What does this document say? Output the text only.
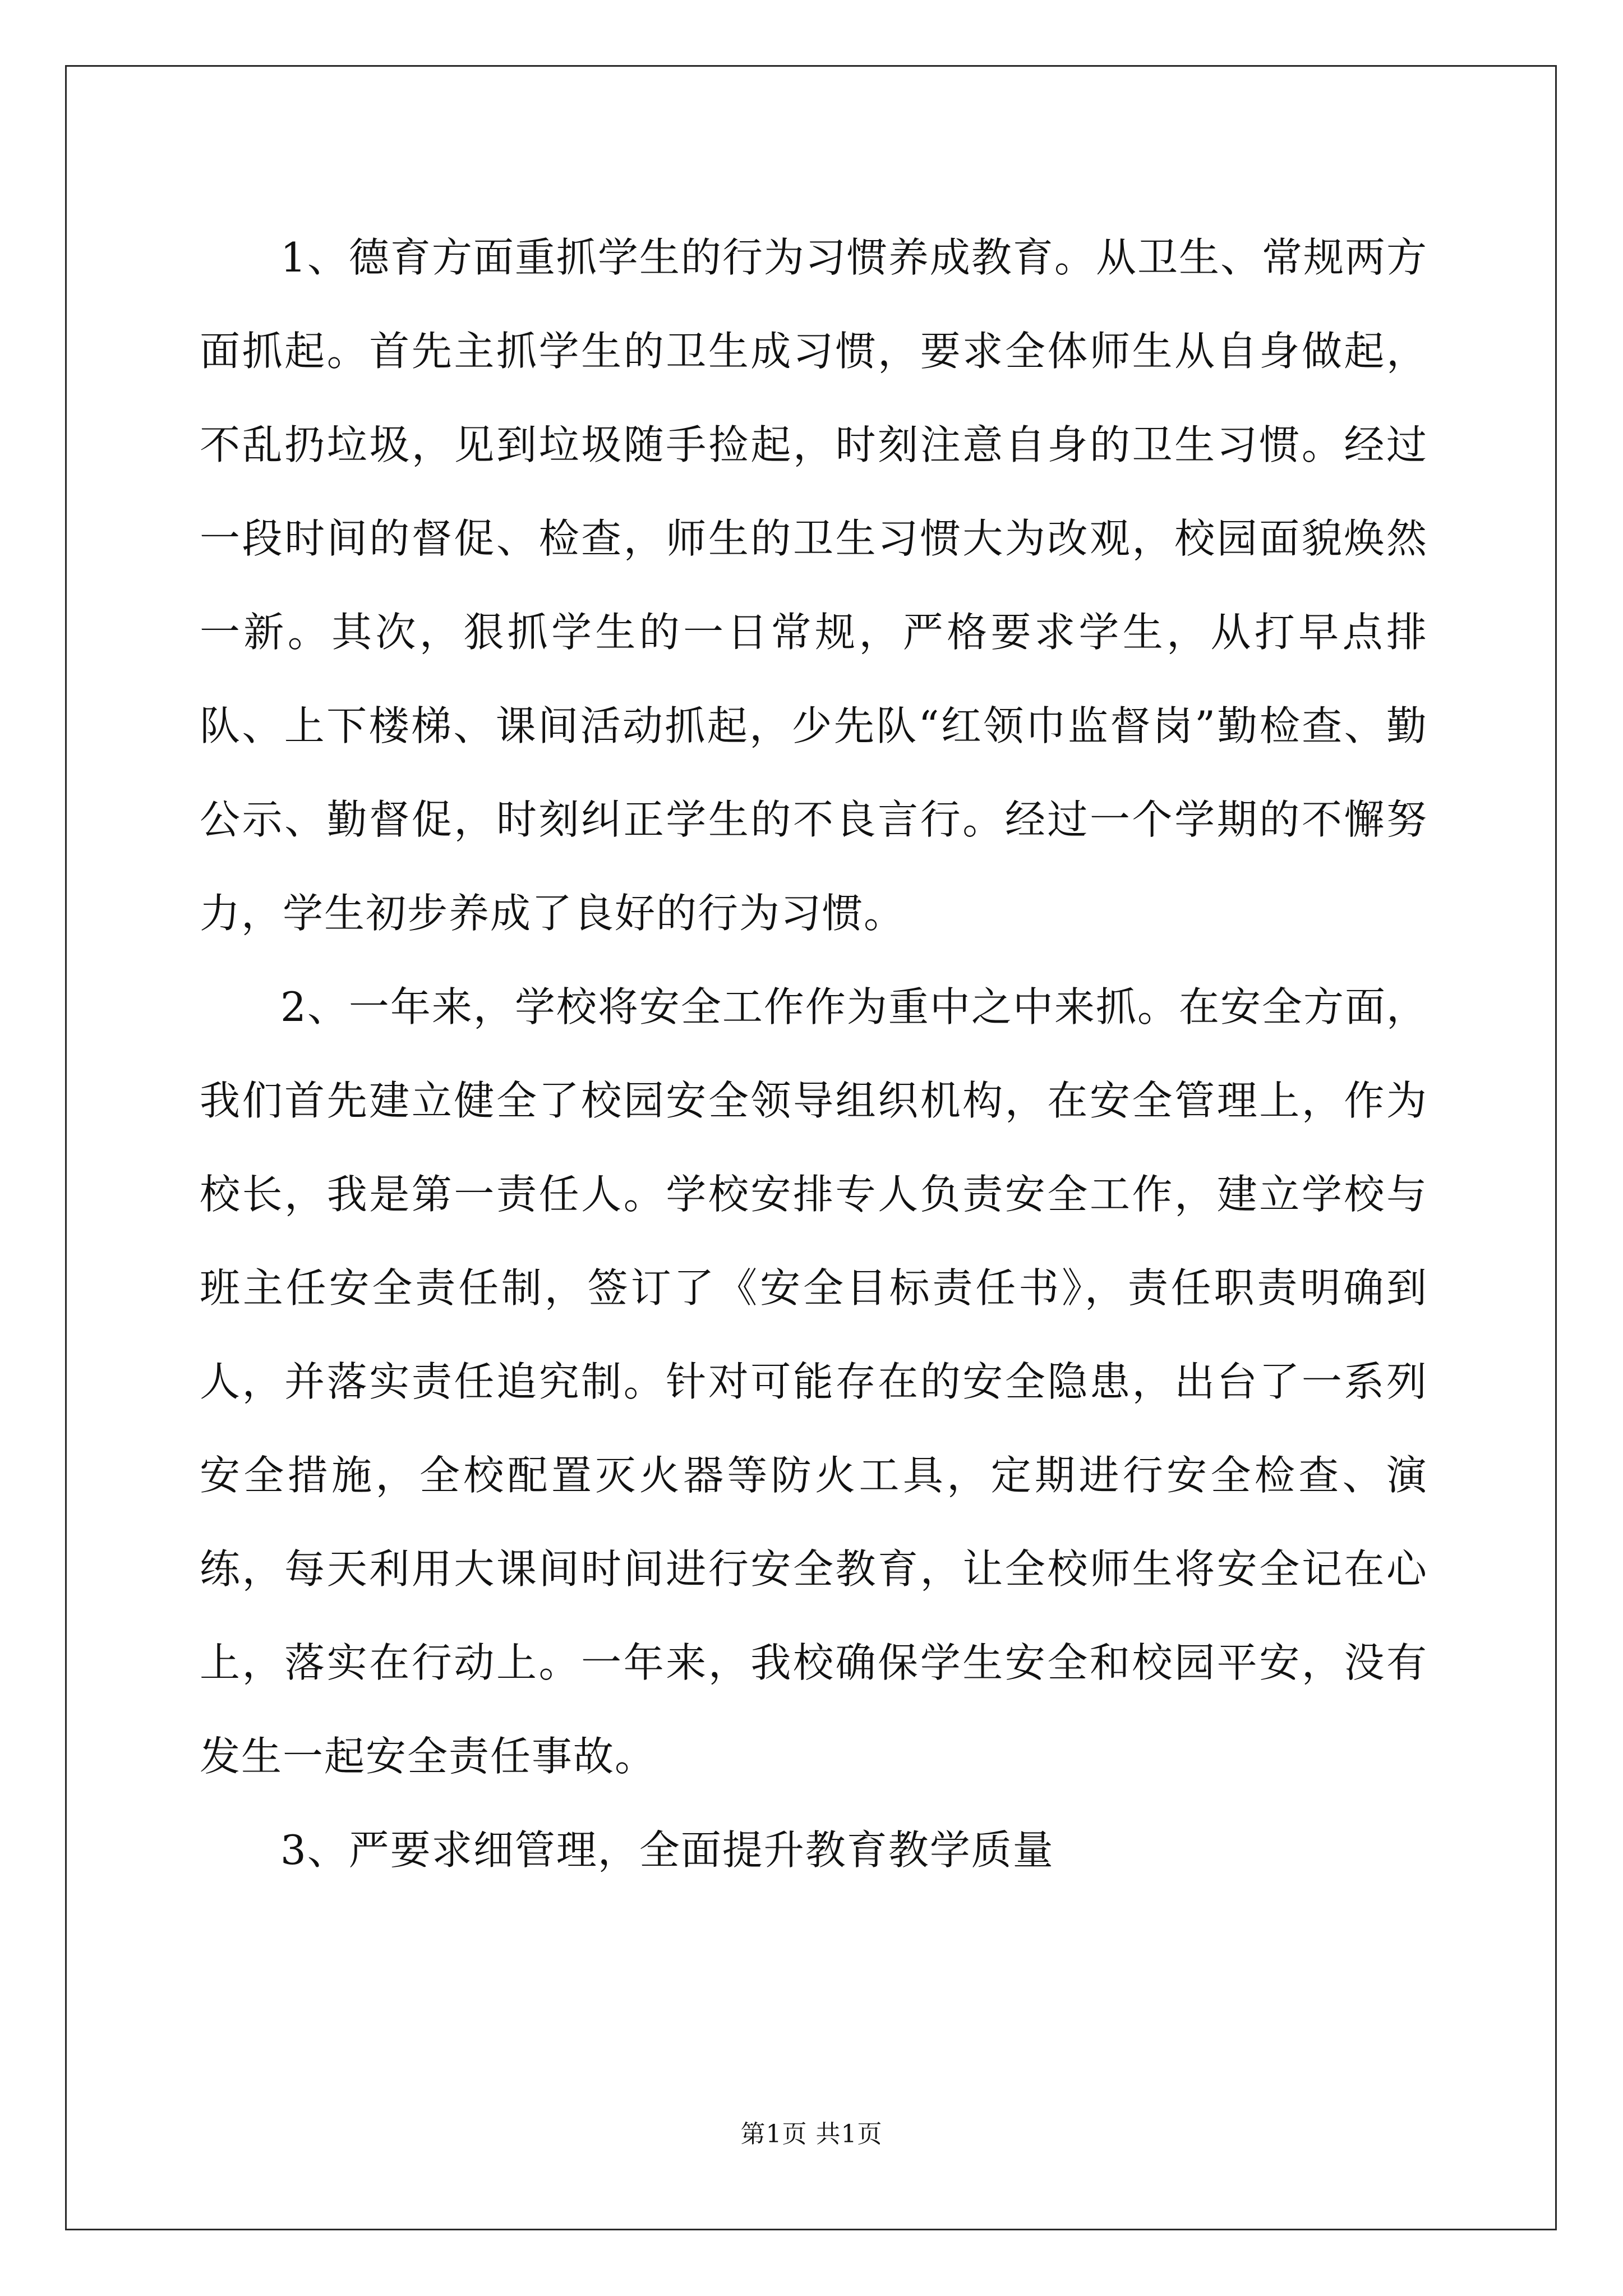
1、德育方面重抓学生的行为习惯养成教育。从卫生、常规两方面抓起。首先主抓学生的卫生成习惯，要求全体师生从自身做起，不乱扔垃圾，见到垃圾随手捡起，时刻注意自身的卫生习惯。经过一段时间的督促、检查，师生的卫生习惯大为改观，校园面貌焕然一新。其次，狠抓学生的一日常规，严格要求学生，从打早点排队、上下楼梯、课间活动抓起，少先队“红领巾监督岗”勤检查、勤公示、勤督促，时刻纠正学生的不良言行。经过一个学期的不懈努力，学生初步养成了良好的行为习惯。

2、一年来，学校将安全工作作为重中之中来抓。在安全方面，我们首先建立健全了校园安全领导组织机构，在安全管理上，作为校长，我是第一责任人。学校安排专人负责安全工作，建立学校与班主任安全责任制，签订了《安全目标责任书》，责任职责明确到人，并落实责任追究制。针对可能存在的安全隐患，出台了一系列安全措施，全校配置灭火器等防火工具，定期进行安全检查、演练，每天利用大课间时间进行安全教育，让全校师生将安全记在心上，落实在行动上。一年来，我校确保学生安全和校园平安，没有发生一起安全责任事故。

3、严要求细管理，全面提升教育教学质量

第1页 共1页
